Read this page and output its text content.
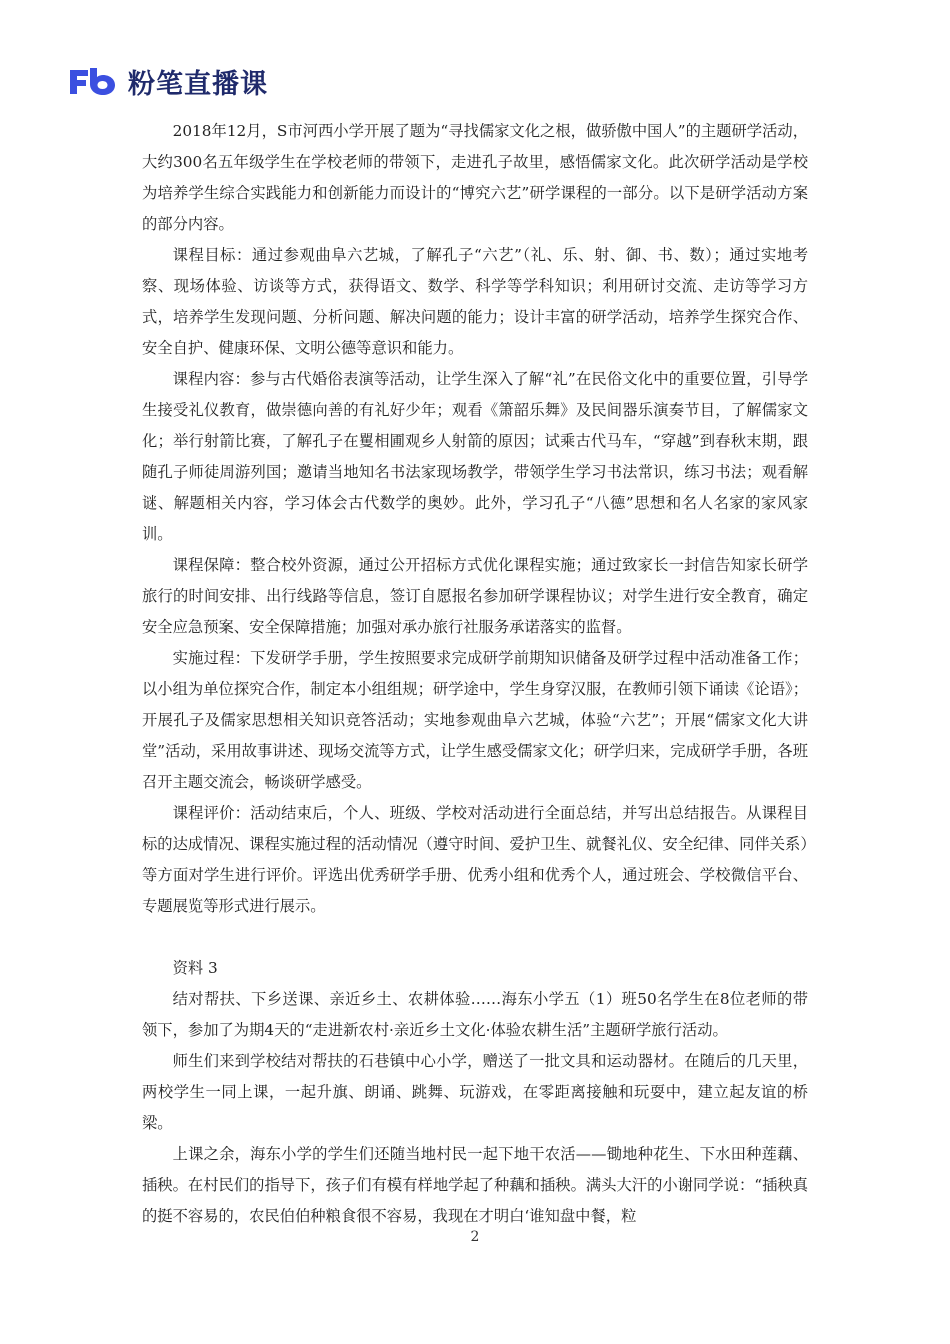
粉笔直播课

2018年12月，S市河西小学开展了题为“寻找儒家文化之根，做骄傲中国人”的主题研学活动，大约300名五年级学生在学校老师的带领下，走进孔子故里，感悟儒家文化。此次研学活动是学校为培养学生综合实践能力和创新能力而设计的“博究六艺”研学课程的一部分。以下是研学活动方案的部分内容。

课程目标：通过参观曲阜六艺城，了解孔子“六艺”（礼、乐、射、御、书、数）；通过实地考察、现场体验、访谈等方式，获得语文、数学、科学等学科知识；利用研讨交流、走访等学习方式，培养学生发现问题、分析问题、解决问题的能力；设计丰富的研学活动，培养学生探究合作、安全自护、健康环保、文明公德等意识和能力。

课程内容：参与古代婚俗表演等活动，让学生深入了解“礼”在民俗文化中的重要位置，引导学生接受礼仪教育，做崇德向善的有礼好少年；观看《箫韶乐舞》及民间器乐演奏节目，了解儒家文化；举行射箭比赛，了解孔子在矍相圃观乡人射箭的原因；试乘古代马车，“穿越”到春秋末期，跟随孔子师徒周游列国；邀请当地知名书法家现场教学，带领学生学习书法常识，练习书法；观看解谜、解题相关内容，学习体会古代数学的奥妙。此外，学习孔子“八德”思想和名人名家的家风家训。

课程保障：整合校外资源，通过公开招标方式优化课程实施；通过致家长一封信告知家长研学旅行的时间安排、出行线路等信息，签订自愿报名参加研学课程协议；对学生进行安全教育，确定安全应急预案、安全保障措施；加强对承办旅行社服务承诺落实的监督。

实施过程：下发研学手册，学生按照要求完成研学前期知识储备及研学过程中活动准备工作；以小组为单位探究合作，制定本小组组规；研学途中，学生身穿汉服，在教师引领下诵读《论语》；开展孔子及儒家思想相关知识竞答活动；实地参观曲阜六艺城，体验“六艺”；开展“儒家文化大讲堂”活动，采用故事讲述、现场交流等方式，让学生感受儒家文化；研学归来，完成研学手册，各班召开主题交流会，畅谈研学感受。

课程评价：活动结束后，个人、班级、学校对活动进行全面总结，并写出总结报告。从课程目标的达成情况、课程实施过程的活动情况（遵守时间、爱护卫生、就餐礼仪、安全纪律、同伴关系）等方面对学生进行评价。评选出优秀研学手册、优秀小组和优秀个人，通过班会、学校微信平台、专题展览等形式进行展示。

资料 3

结对帮扶、下乡送课、亲近乡土、农耕体验……海东小学五（1）班50名学生在8位老师的带领下，参加了为期4天的“走进新农村·亲近乡土文化·体验农耕生活”主题研学旅行活动。

师生们来到学校结对帮扶的石巷镇中心小学，赠送了一批文具和运动器材。在随后的几天里，两校学生一同上课，一起升旗、朗诵、跳舞、玩游戏，在零距离接触和玩耍中，建立起友谊的桥梁。

上课之余，海东小学的学生们还随当地村民一起下地干农活——锄地种花生、下水田种莲藕、插秧。在村民们的指导下，孩子们有模有样地学起了种藕和插秧。满头大汗的小谢同学说：“插秧真的挺不容易的，农民伯伯种粮食很不容易，我现在才明白‘谁知盘中餐，粒

2
